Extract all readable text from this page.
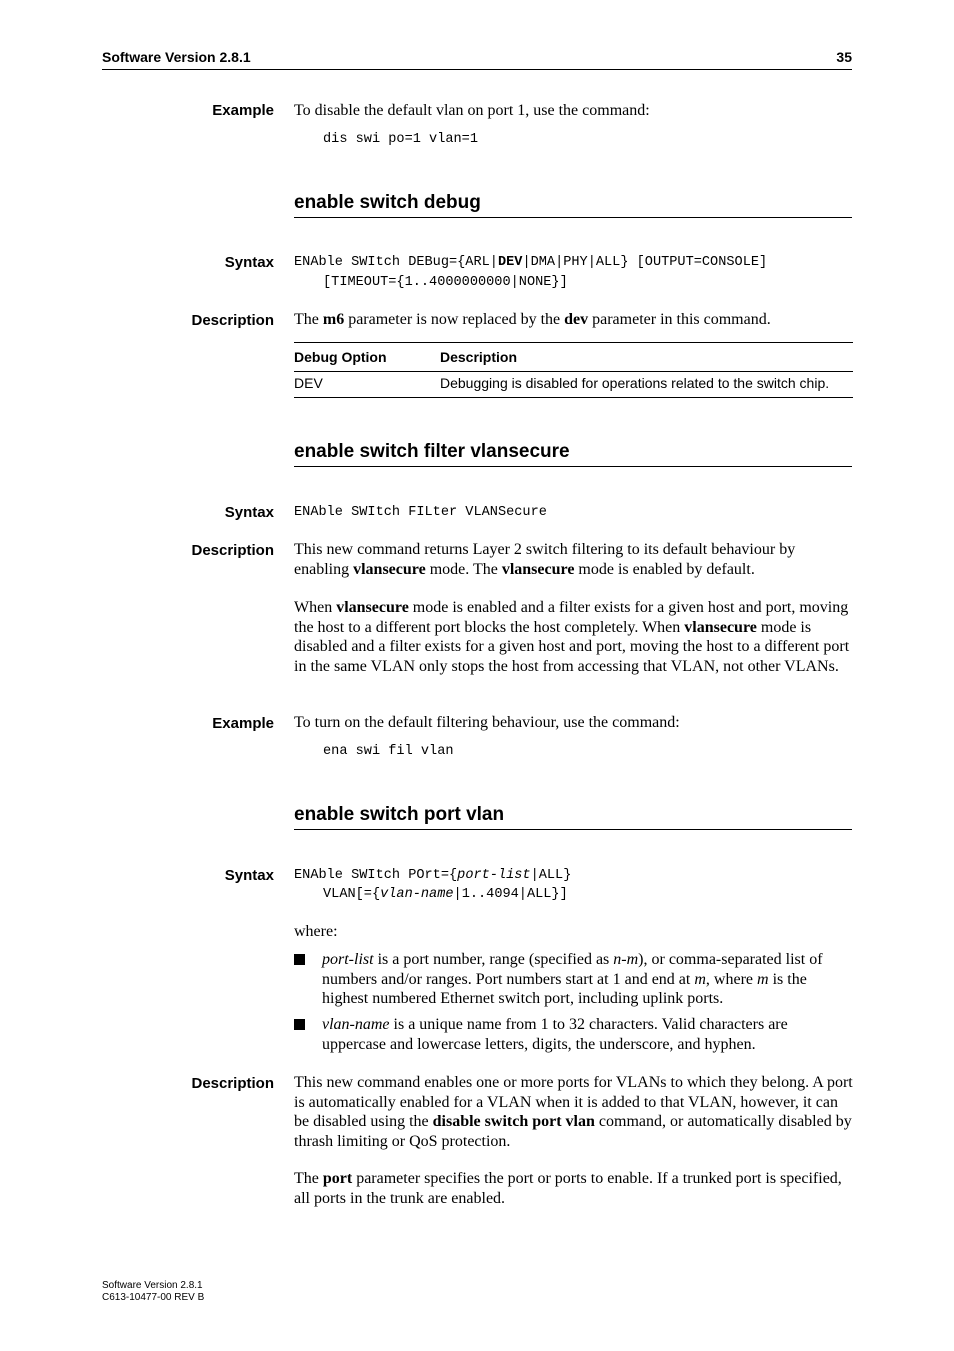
Software Version 2.8.1	35
Example To disable the default vlan on port 1, use the command:
dis swi po=1 vlan=1
enable switch debug
Syntax ENAble SWItch DEBug={ARL|DEV|DMA|PHY|ALL} [OUTPUT=CONSOLE]
[TIMEOUT={1..4000000000|NONE}]
Description The m6 parameter is now replaced by the dev parameter in this command.
Debug Option	Description
DEV	Debugging is disabled for operations related to the switch chip.
enable switch filter vlansecure
Syntax ENAble SWItch FILter VLANSecure
Description This new command returns Layer 2 switch filtering to its default behaviour by enabling vlansecure mode. The vlansecure mode is enabled by default.
When vlansecure mode is enabled and a filter exists for a given host and port, moving the host to a different port blocks the host completely. When vlansecure mode is disabled and a filter exists for a given host and port, moving the host to a different port in the same VLAN only stops the host from accessing that VLAN, not other VLANs.
Example To turn on the default filtering behaviour, use the command:
ena swi fil vlan
enable switch port vlan
Syntax ENAble SWItch POrt={port-list|ALL}
VLAN[={vlan-name|1..4094|ALL}]
where:
port-list is a port number, range (specified as n-m), or comma-separated list of numbers and/or ranges. Port numbers start at 1 and end at m, where m is the highest numbered Ethernet switch port, including uplink ports.
vlan-name is a unique name from 1 to 32 characters. Valid characters are uppercase and lowercase letters, digits, the underscore, and hyphen.
Description This new command enables one or more ports for VLANs to which they belong. A port is automatically enabled for a VLAN when it is added to that VLAN, however, it can be disabled using the disable switch port vlan command, or automatically disabled by thrash limiting or QoS protection.
The port parameter specifies the port or ports to enable. If a trunked port is specified, all ports in the trunk are enabled.
Software Version 2.8.1
C613-10477-00 REV B
